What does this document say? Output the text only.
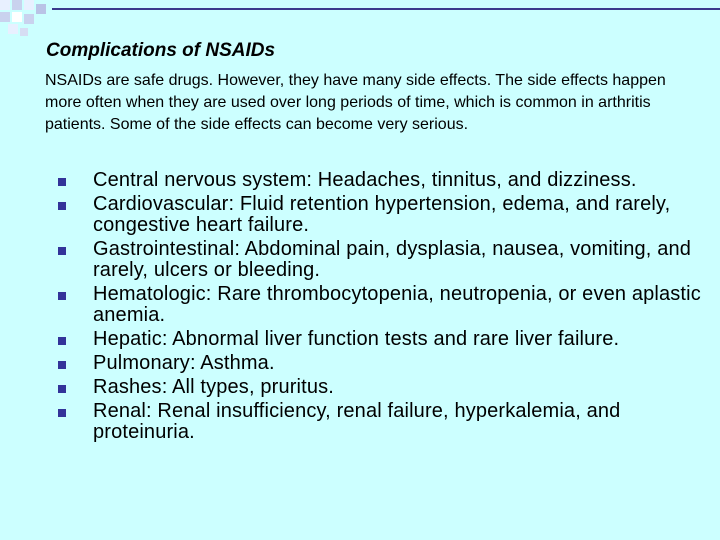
Complications of NSAIDs

NSAIDs are safe drugs. However, they have many side effects. The side effects happen more often when they are used over long periods of time, which is common in arthritis patients. Some of the side effects can become very serious.

Central nervous system: Headaches, tinnitus, and dizziness.
Cardiovascular: Fluid retention hypertension, edema, and rarely, congestive heart failure.
Gastrointestinal: Abdominal pain, dysplasia, nausea, vomiting, and rarely, ulcers or bleeding.
Hematologic: Rare thrombocytopenia, neutropenia, or even aplastic anemia.
Hepatic: Abnormal liver function tests and rare liver failure.
Pulmonary: Asthma.
Rashes: All types, pruritus.
Renal: Renal insufficiency, renal failure, hyperkalemia, and proteinuria.
